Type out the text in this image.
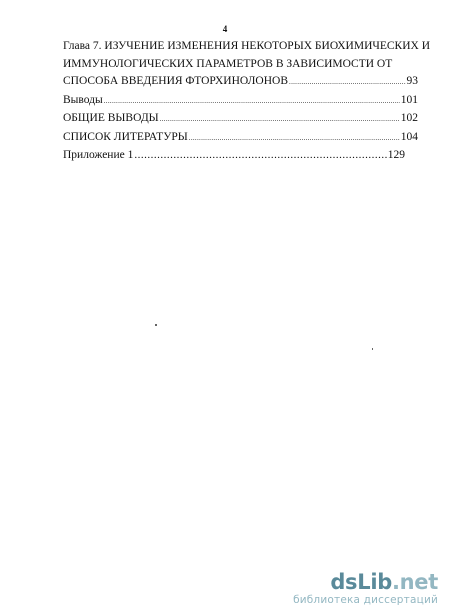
4
Глава 7. ИЗУЧЕНИЕ ИЗМЕНЕНИЯ НЕКОТОРЫХ БИОХИМИЧЕСКИХ И
ИММУНОЛОГИЧЕСКИХ ПАРАМЕТРОВ В ЗАВИСИМОСТИ ОТ
СПОСОБА ВВЕДЕНИЯ ФТОРХИНОЛОНОВ .....	93
Выводы .....	101
ОБЩИЕ ВЫВОДЫ .....	102
СПИСОК ЛИТЕРАТУРЫ .....	104
Приложение 1 .....	129
dsLib.net
библиотека диссертаций
